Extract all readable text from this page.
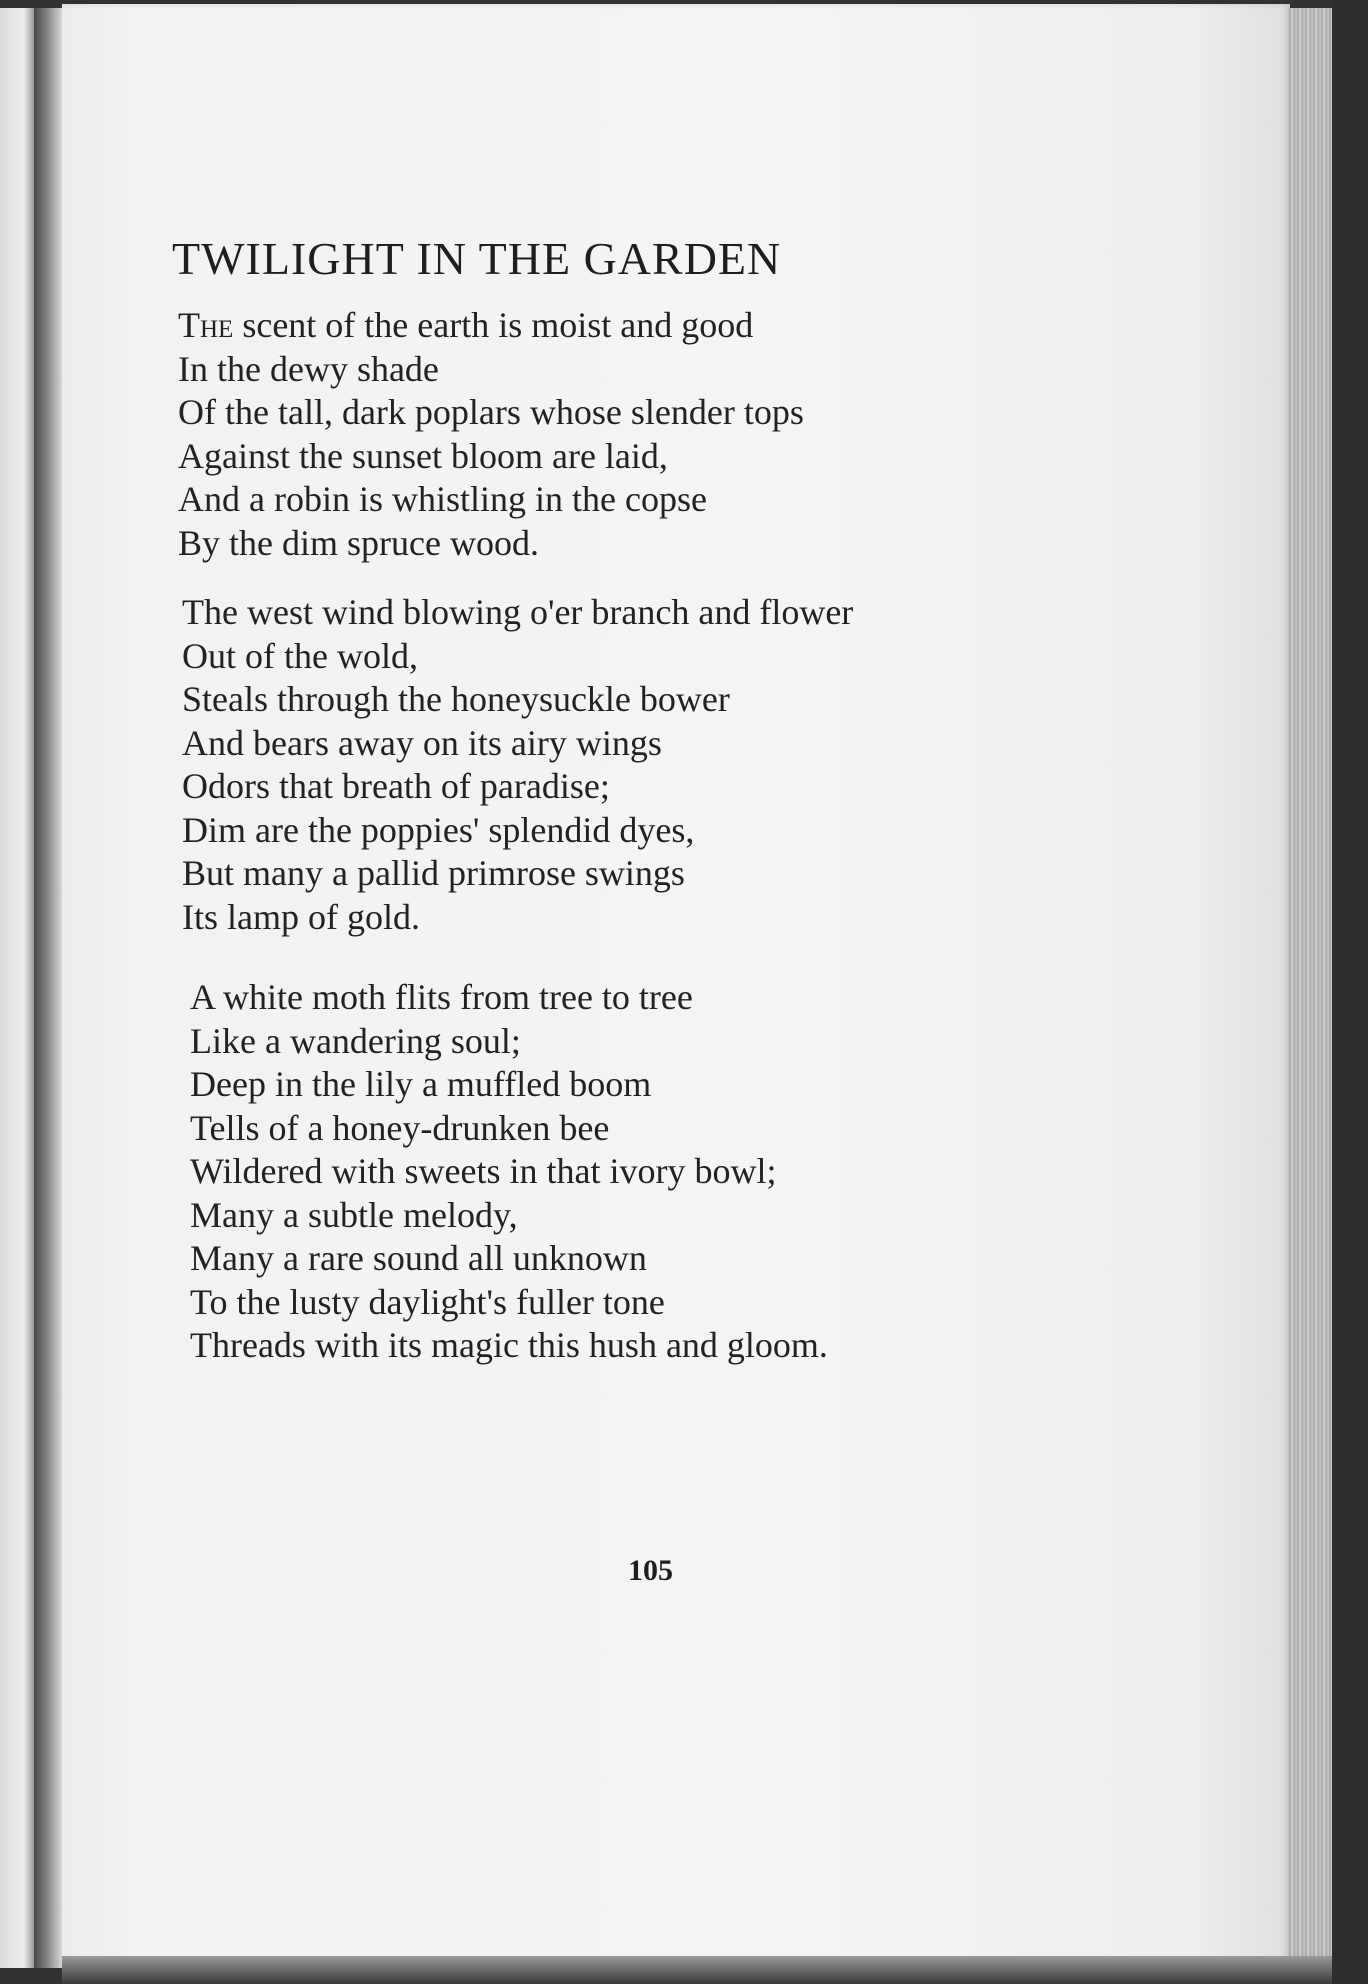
TWILIGHT IN THE GARDEN
The scent of the earth is moist and good
In the dewy shade
Of the tall, dark poplars whose slender tops
Against the sunset bloom are laid,
And a robin is whistling in the copse
By the dim spruce wood.
The west wind blowing o'er branch and flower
Out of the wold,
Steals through the honeysuckle bower
And bears away on its airy wings
Odors that breath of paradise;
Dim are the poppies' splendid dyes,
But many a pallid primrose swings
Its lamp of gold.
A white moth flits from tree to tree
Like a wandering soul;
Deep in the lily a muffled boom
Tells of a honey-drunken bee
Wildered with sweets in that ivory bowl;
Many a subtle melody,
Many a rare sound all unknown
To the lusty daylight's fuller tone
Threads with its magic this hush and gloom.
105
